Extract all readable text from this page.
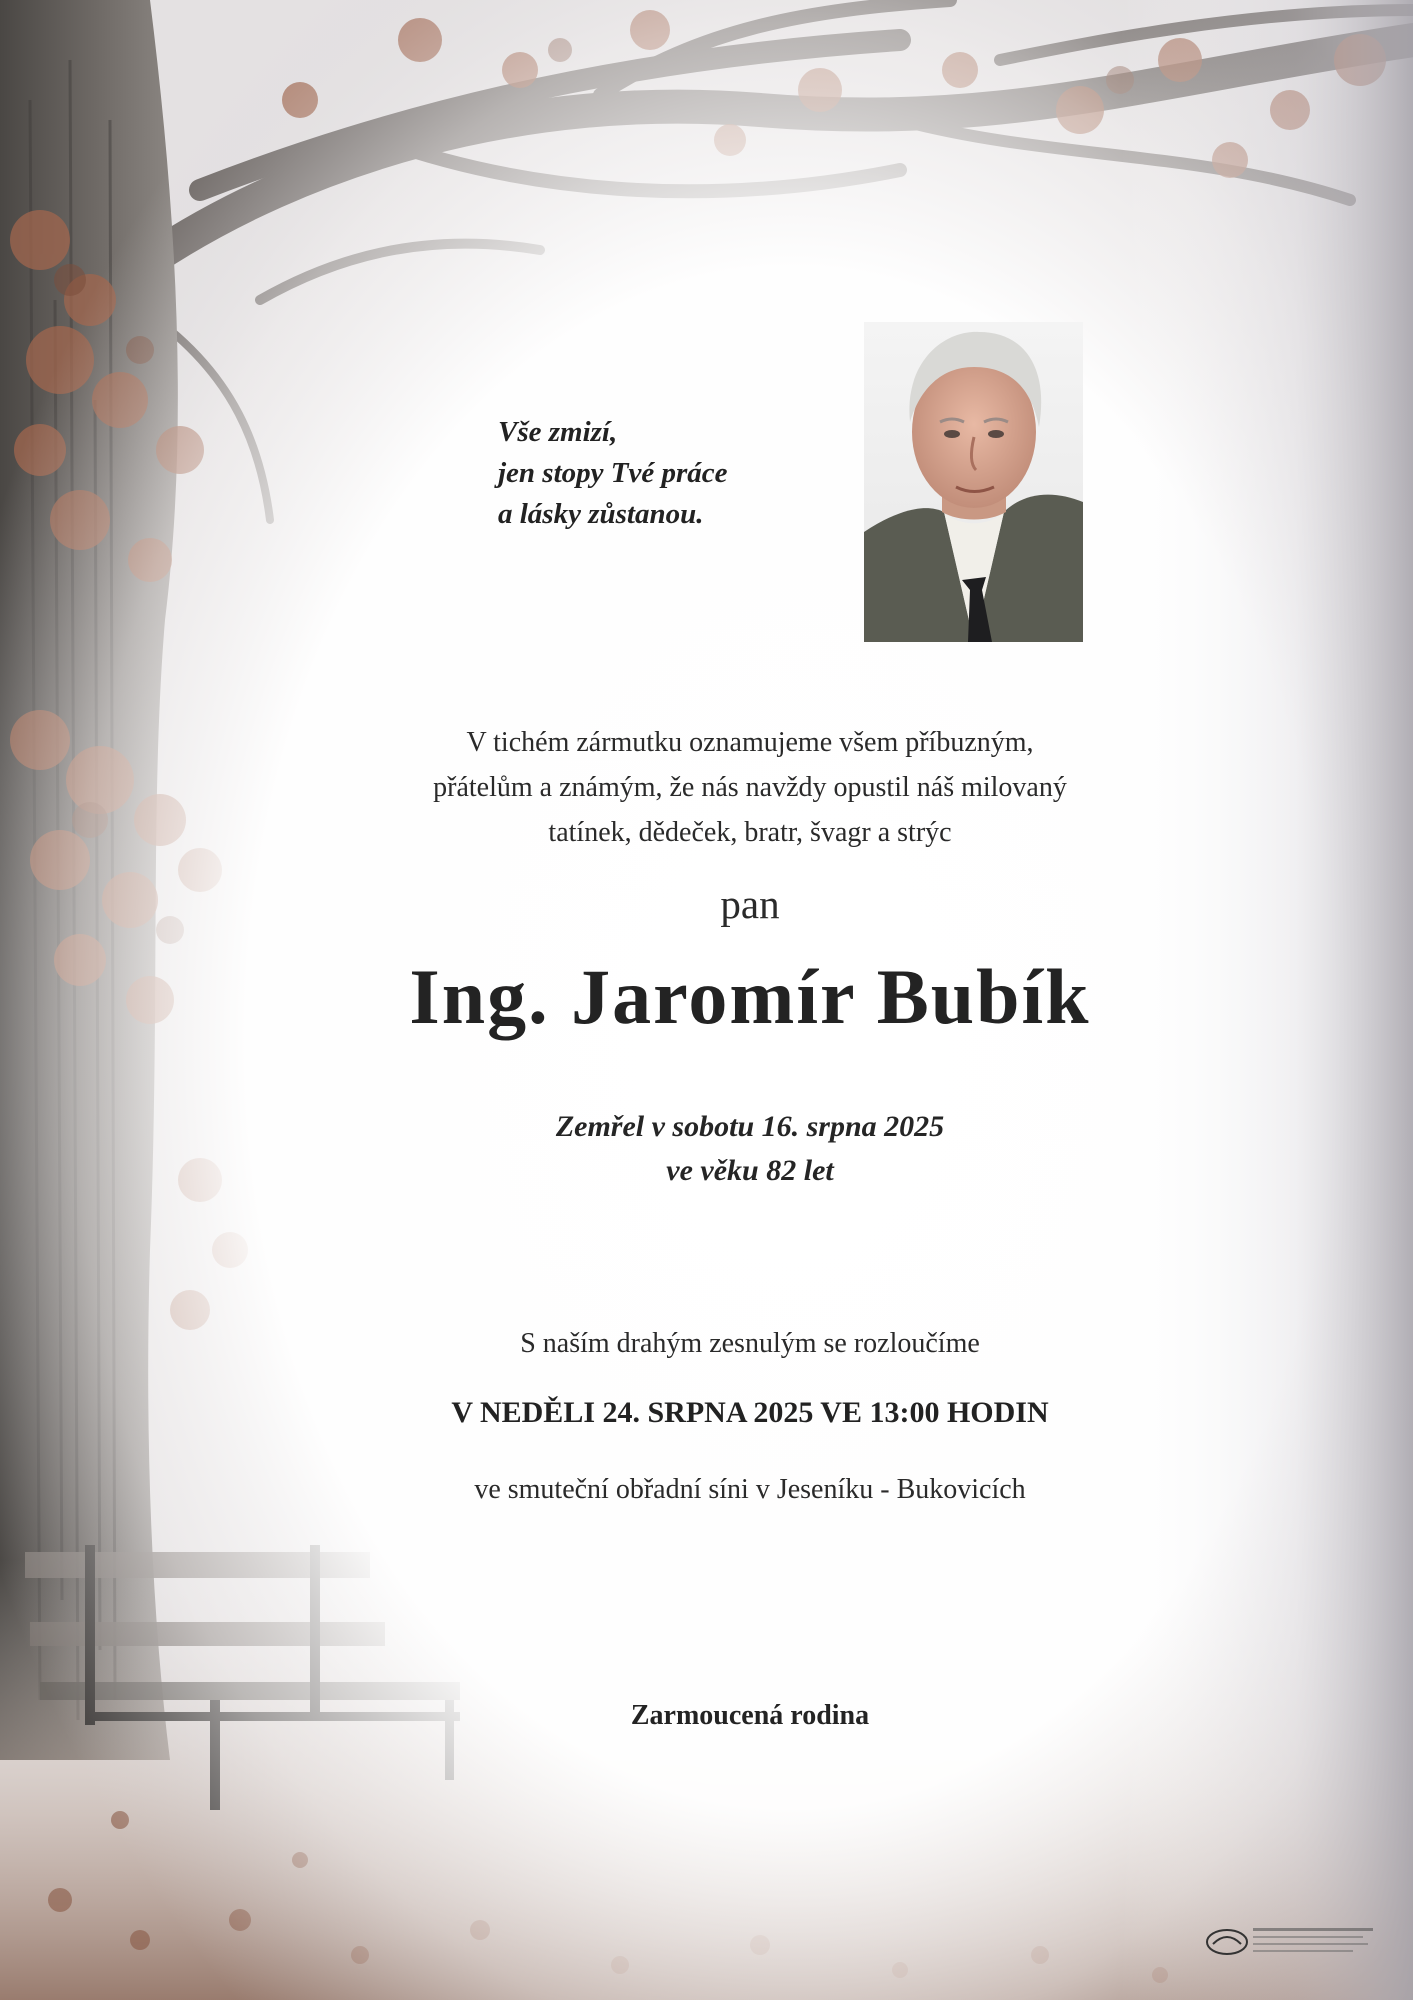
Vše zmizí,
jen stopy Tvé práce
a lásky zůstanou.
V tichém zármutku oznamujeme všem příbuzným,
přátelům a známým, že nás navždy opustil náš milovaný
tatínek, dědeček, bratr, švagr a strýc
pan
Ing. Jaromír Bubík
Zemřel v sobotu 16. srpna 2025
ve věku 82 let
S naším drahým zesnulým se rozloučíme
V NEDĚLI 24. SRPNA 2025 VE 13:00 HODIN
ve smuteční obřadní síni v Jeseníku - Bukovicích
Zarmoucená rodina
